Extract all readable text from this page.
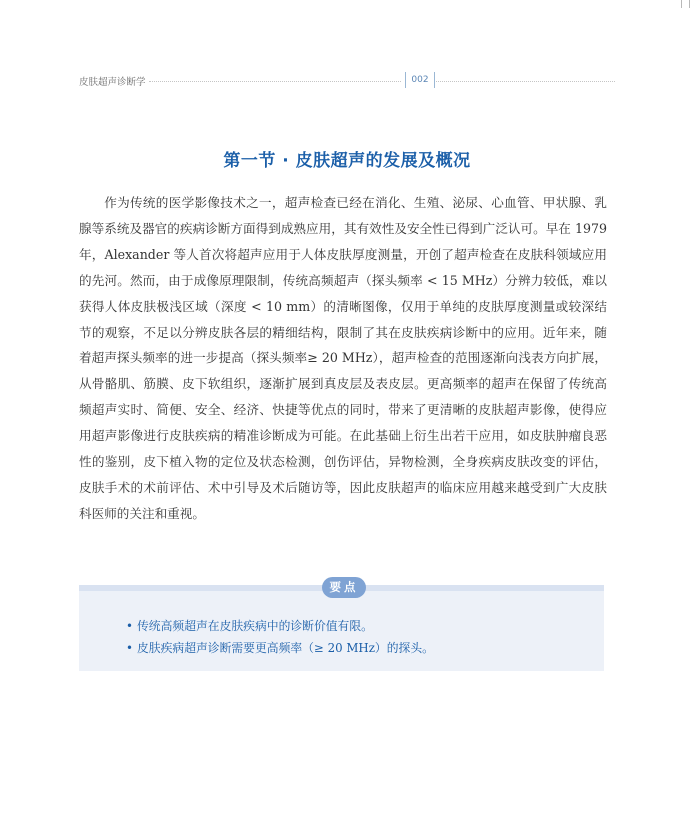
皮肤超声诊断学	002
第一节 · 皮肤超声的发展及概况

作为传统的医学影像技术之一，超声检查已经在消化、生殖、泌尿、心血管、甲状腺、乳腺等系统及器官的疾病诊断方面得到成熟应用，其有效性及安全性已得到广泛认可。早在 1979 年，Alexander 等人首次将超声应用于人体皮肤厚度测量，开创了超声检查在皮肤科领域应用的先河。然而，由于成像原理限制，传统高频超声（探头频率 < 15 MHz）分辨力较低，难以获得人体皮肤极浅区域（深度 < 10 mm）的清晰图像，仅用于单纯的皮肤厚度测量或较深结节的观察，不足以分辨皮肤各层的精细结构，限制了其在皮肤疾病诊断中的应用。近年来，随着超声探头频率的进一步提高（探头频率≥ 20 MHz），超声检查的范围逐渐向浅表方向扩展，从骨骼肌、筋膜、皮下软组织，逐渐扩展到真皮层及表皮层。更高频率的超声在保留了传统高频超声实时、简便、安全、经济、快捷等优点的同时，带来了更清晰的皮肤超声影像，使得应用超声影像进行皮肤疾病的精准诊断成为可能。在此基础上衍生出若干应用，如皮肤肿瘤良恶性的鉴别，皮下植入物的定位及状态检测，创伤评估，异物检测，全身疾病皮肤改变的评估，皮肤手术的术前评估、术中引导及术后随访等，因此皮肤超声的临床应用越来越受到广大皮肤科医师的关注和重视。

要点
• 传统高频超声在皮肤疾病中的诊断价值有限。
• 皮肤疾病超声诊断需要更高频率（≥ 20 MHz）的探头。
